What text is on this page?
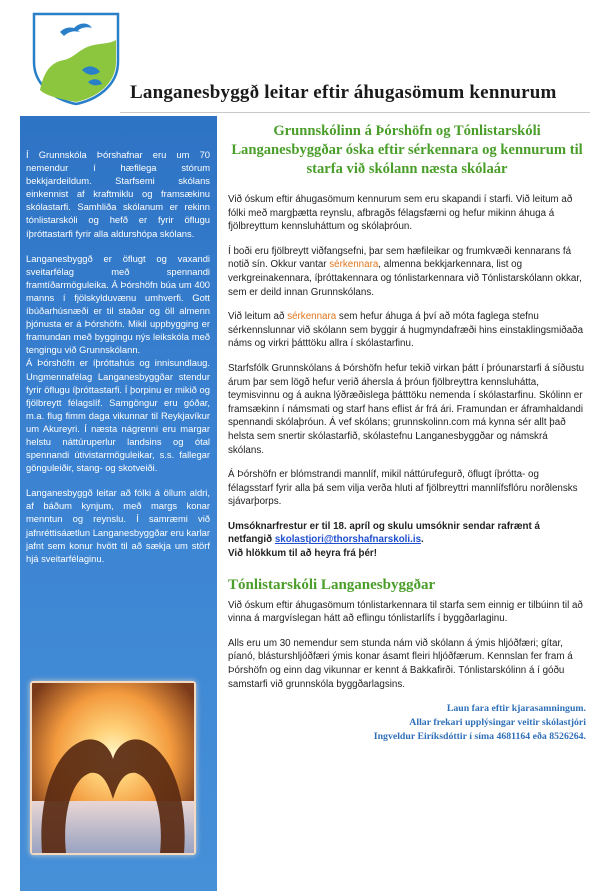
Langanesbyggð leitar eftir áhugasömum kennurum

Í Grunnskóla Þórshafnar eru um 70 nemendur í hæfilega stórum bekkjardeildum. Starfsemi skólans einkennist af kraftmiklu og framsækinu skólastarfi. Samhliða skólanum er rekinn tónlistarskóli og hefð er fyrir öflugu íþróttastarfi fyrir alla aldurshópa skólans.

Langanesbyggð er öflugt og vaxandi sveitarfélag með spennandi framtíðarmöguleika. Á Þórshöfn búa um 400 manns í fjölskylduvænu umhverfi. Gott íbúðarhúsnæði er til staðar og öll almenn þjónusta er á Þórshöfn. Mikil uppbygging er framundan með byggingu nýs leikskóla með tengingu við Grunnskólann.

Á Þórshöfn er íþróttahús og innisundlaug. Ungmennafélag Langanesbyggðar stendur fyrir öflugu íþróttastarfi. Í þorpinu er mikið og fjölbreytt félagslíf. Samgöngur eru góðar, m.a. flug fimm daga vikunnar til Reykjavíkur um Akureyri. Í næsta nágrenni eru margar helstu náttúruperlur landsins og ótal spennandi útivistarmöguleikar, s.s. fallegar gönguleiðir, stang- og skotveiði.

Langanesbyggð leitar að fólki á öllum aldri, af báðum kynjum, með margs konar menntun og reynslu. Í samræmi við jafnréttisáætlun Langanesbyggðar eru karlar jafnt sem konur hvött til að sækja um störf hjá sveitarfélaginu.

Grunnskólinn á Þórshöfn og Tónlistarskóli Langanesbyggðar óska eftir sérkennara og kennurum til starfa við skólann næsta skólaár

Við óskum eftir áhugasömum kennurum sem eru skapandi í starfi. Við leitum að fólki með margþætta reynslu, afbragðs félagsfærni og hefur mikinn áhuga á fjölbreyttum kennsluháttum og skólaþróun.

Í boði eru fjölbreytt viðfangsefni, þar sem hæfileikar og frumkvæði kennarans fá notið sín. Okkur vantar sérkennara, almenna bekkjarkennara, list og verkgreinakennara, íþróttakennara og tónlistarkennara við Tónlistarskólann okkar, sem er deild innan Grunnskólans.

Við leitum að sérkennara sem hefur áhuga á því að móta faglega stefnu sérkennslunnar við skólann sem byggir á hugmyndafræði hins einstaklingsmiðaða náms og virkri þátttöku allra í skólastarfinu.

Starfsfólk Grunnskólans á Þórshöfn hefur tekið virkan þátt í þróunarstarfi á síðustu árum þar sem lögð hefur verið áhersla á þróun fjölbreyttra kennsluhátta, teymisvinnu og á aukna lýðræðislega þátttöku nemenda í skólastarfinu. Skólinn er framsækinn í námsmati og starf hans eflist ár frá ári. Framundan er áframhaldandi spennandi skólaþróun. Á vef skólans; grunnskolinn.com má kynna sér allt það helsta sem snertir skólastarfið, skólastefnu Langanesbyggðar og námskrá skólans.

Á Þórshöfn er blómstrandi mannlíf, mikil náttúrufegurð, öflugt íþrótta- og félagsstarf fyrir alla þá sem vilja verða hluti af fjölbreyttri mannlífsflóru norðlensks sjávarþorps.

Umsóknarfrestur er til 18. apríl og skulu umsóknir sendar rafrænt á netfangið skolastjori@thorshafnarskoli.is.
Við hlökkum til að heyra frá þér!

Tónlistarskóli Langanesbyggðar

Við óskum eftir áhugasömum tónlistarkennara til starfa sem einnig er tilbúinn til að vinna á margvíslegan hátt að eflingu tónlistarlífs í byggðarlaginu.

Alls eru um 30 nemendur sem stunda nám við skólann á ýmis hljóðfæri; gítar, píanó, blásturshljóðfæri ýmis konar ásamt fleiri hljóðfærum. Kennslan fer fram á Þórshöfn og einn dag vikunnar er kennt á Bakkafirði. Tónlistarskólinn á í góðu samstarfi við grunnskóla byggðarlagsins.

Laun fara eftir kjarasamningum.
Allar frekari upplýsingar veitir skólastjóri
Ingveldur Eiríksdóttir í síma 4681164 eða 8526264.
